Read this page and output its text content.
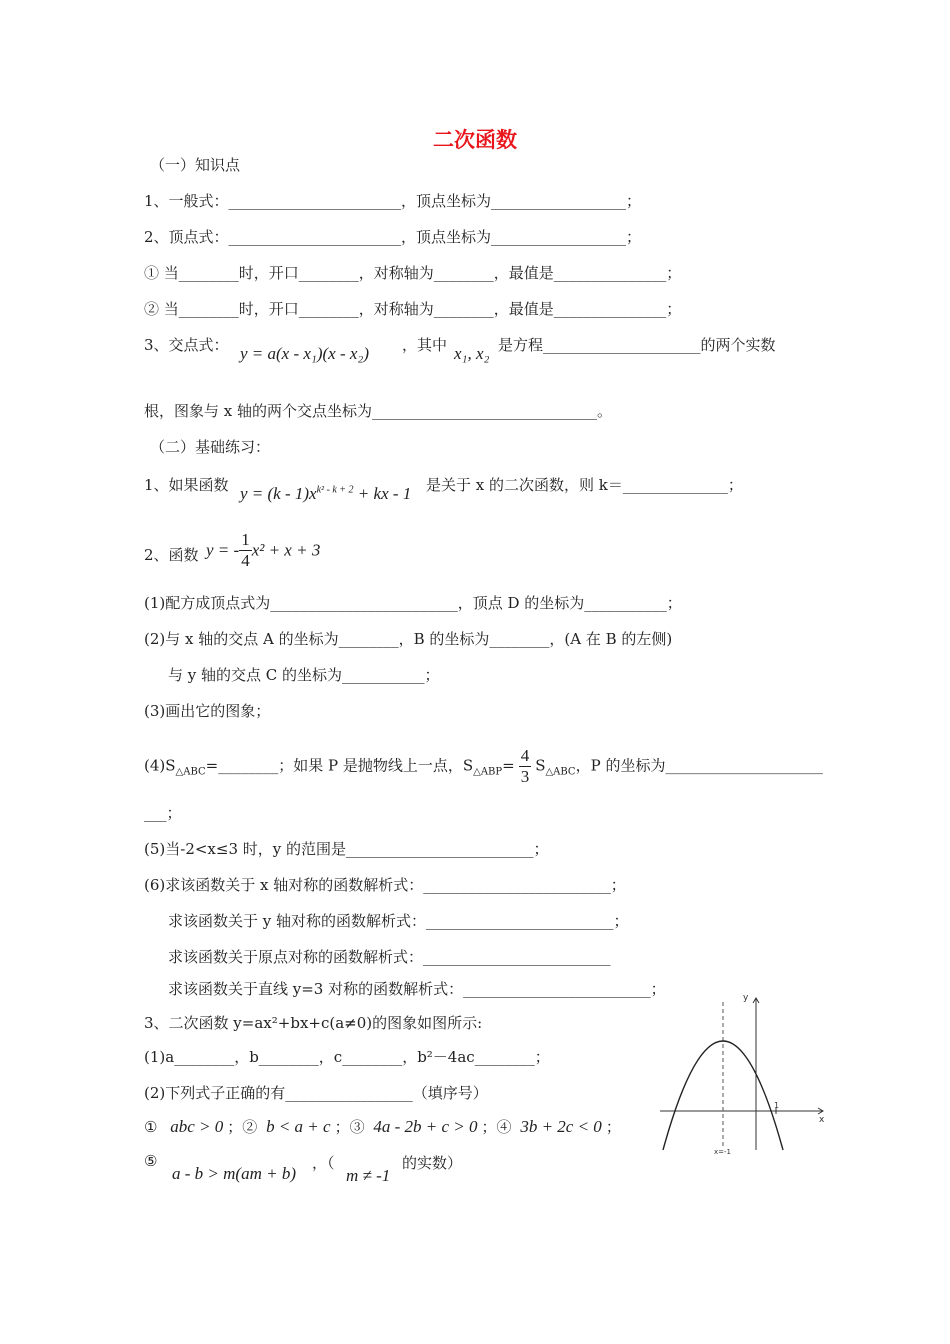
二次函数
（一）知识点
1、一般式：_______________________，顶点坐标为__________________；
2、顶点式：_______________________，顶点坐标为__________________；
① 当________时，开口________，对称轴为________，最值是_______________；
② 当________时，开口________，对称轴为________，最值是_______________；
3、交点式： y = a(x - x₁)(x - x₂) ，其中 x₁, x₂ 是方程_____________________的两个实数
根，图象与 x 轴的两个交点坐标为______________________________。
（二）基础练习：
1、如果函数 $y = (k - 1)x^{k^2 - k + 2}$ + kx - 1 是关于 x 的二次函数，则 k＝______________；
2、函数 y = - $\frac{1}{4} x^2 + x + 3$
(1)配方成顶点式为_________________________，顶点 D 的坐标为___________；
(2)与 x 轴的交点 A 的坐标为________，B 的坐标为________，(A 在 B 的左侧)
与 y 轴的交点 C 的坐标为___________；
(3)画出它的图象；
$(4)S_{\triangle ABC}=\_\_\_\_\_\_\_\_$；如果 P 是抛物线上一点，$S_{\triangle ABP}= \frac{4}{3} S_{\triangle ABC}$，P 的坐标为_____________________
___；
(5)当-2<x≤3 时，y 的范围是_________________________；
(6)求该函数关于 x 轴对称的函数解析式：_________________________；
求该函数关于 y 轴对称的函数解析式：_________________________；
求该函数关于原点对称的函数解析式：_________________________
求该函数关于直线 y=3 对称的函数解析式：_________________________；
3、二次函数 y=ax²+bx+c(a≠0)的图象如图所示:
(1)a________，b________，c________，b²－4ac________；
(2)下列式子正确的有_________________（填序号）
① abc > 0 ；② b < a + c ；③ 4a - 2b + c > 0 ；④ 3b + 2c < 0 ；
⑤
a - b > m(am + b)
，（
m ≠ -1
的实数）
y
x
1
x=-1
